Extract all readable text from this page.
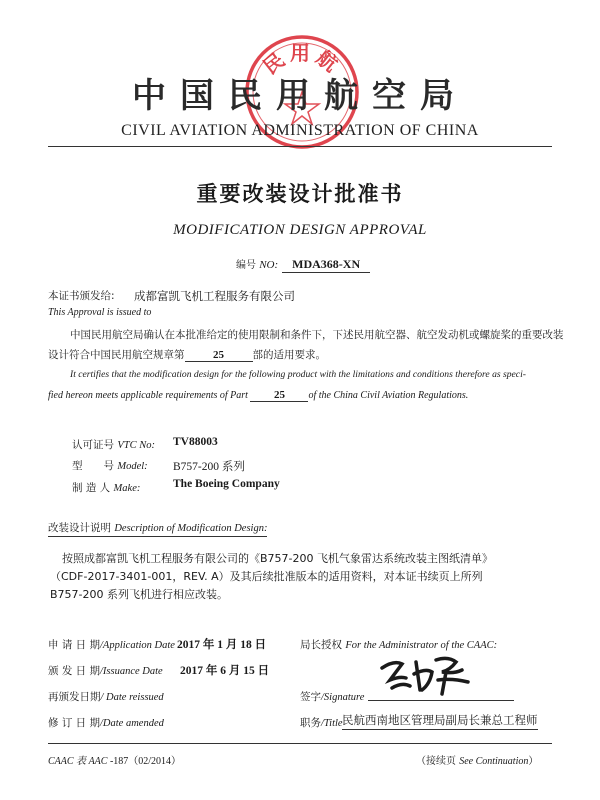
民用航
中国民用航空局
CIVIL AVIATION ADMINISTRATION OF CHINA
重要改装设计批准书
MODIFICATION DESIGN APPROVAL
编号 NO: MDA368-XN
本证书颁发给: 成都富凯飞机工程服务有限公司
This Approval is issued to
中国民用航空局确认在本批准给定的使用限制和条件下，下述民用航空器、航空发动机或螺旋桨的重要改装
设计符合中国民用航空规章第	25	部的适用要求。
It certifies that the modification design for the following product with the limitations and conditions therefore as speci-
fied hereon meets applicable requirements of Part 25 of the China Civil Aviation Regulations.
认可证号 VTC No: TV88003
型　　号 Model: B757-200 系列
制 造 人 Make:	The Boeing Company
改装设计说明 Description of Modification Design:
按照成都富凯飞机工程服务有限公司的《B757-200 飞机气象雷达系统改装主图纸清单》
（CDF-2017-3401-001，REV. A）及其后续批准版本的适用资料，对本证书续页上所列
B757-200 系列飞机进行相应改装。
申 请 日 期/Application Date 2017 年 1 月 18 日
颁 发 日 期/Issuance Date 2017 年 6 月 15 日
再颁发日期/ Date reissued
修 订 日 期/Date amended
局长授权 For the Administrator of the CAAC:
签字/Signature
职务/Title 民航西南地区管理局副局长兼总工程师
CAAC 表 AAC -187（02/2014）	（接续页 See Continuation）
